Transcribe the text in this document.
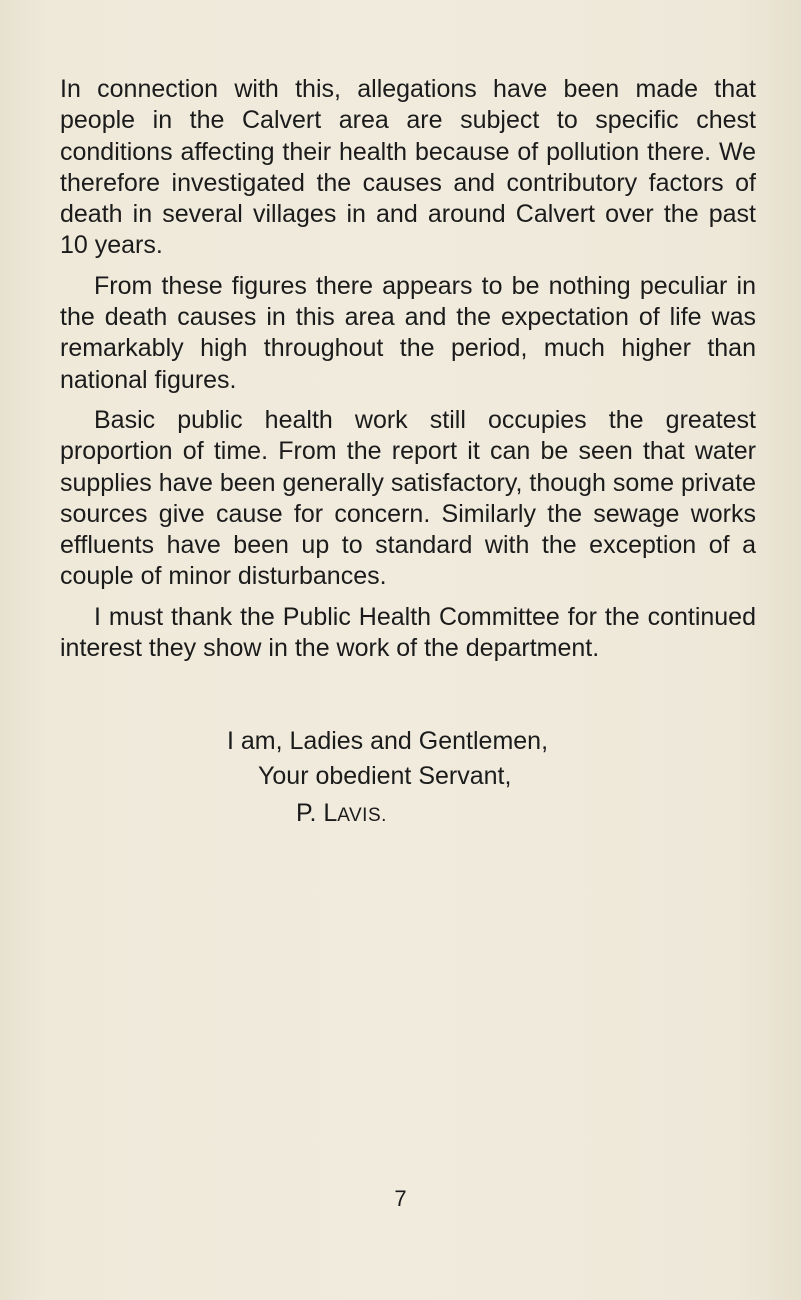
In connection with this, allegations have been made that people in the Calvert area are subject to specific chest conditions affecting their health because of pollution there. We therefore investigated the causes and contributory factors of death in several villages in and around Calvert over the past 10 years.

From these figures there appears to be nothing peculiar in the death causes in this area and the expectation of life was remarkably high throughout the period, much higher than national figures.

Basic public health work still occupies the greatest proportion of time. From the report it can be seen that water supplies have been generally satisfactory, though some private sources give cause for concern. Similarly the sewage works effluents have been up to standard with the exception of a couple of minor disturbances.

I must thank the Public Health Committee for the continued interest they show in the work of the department.

I am, Ladies and Gentlemen,
Your obedient Servant,
P. LAVIS.
7
